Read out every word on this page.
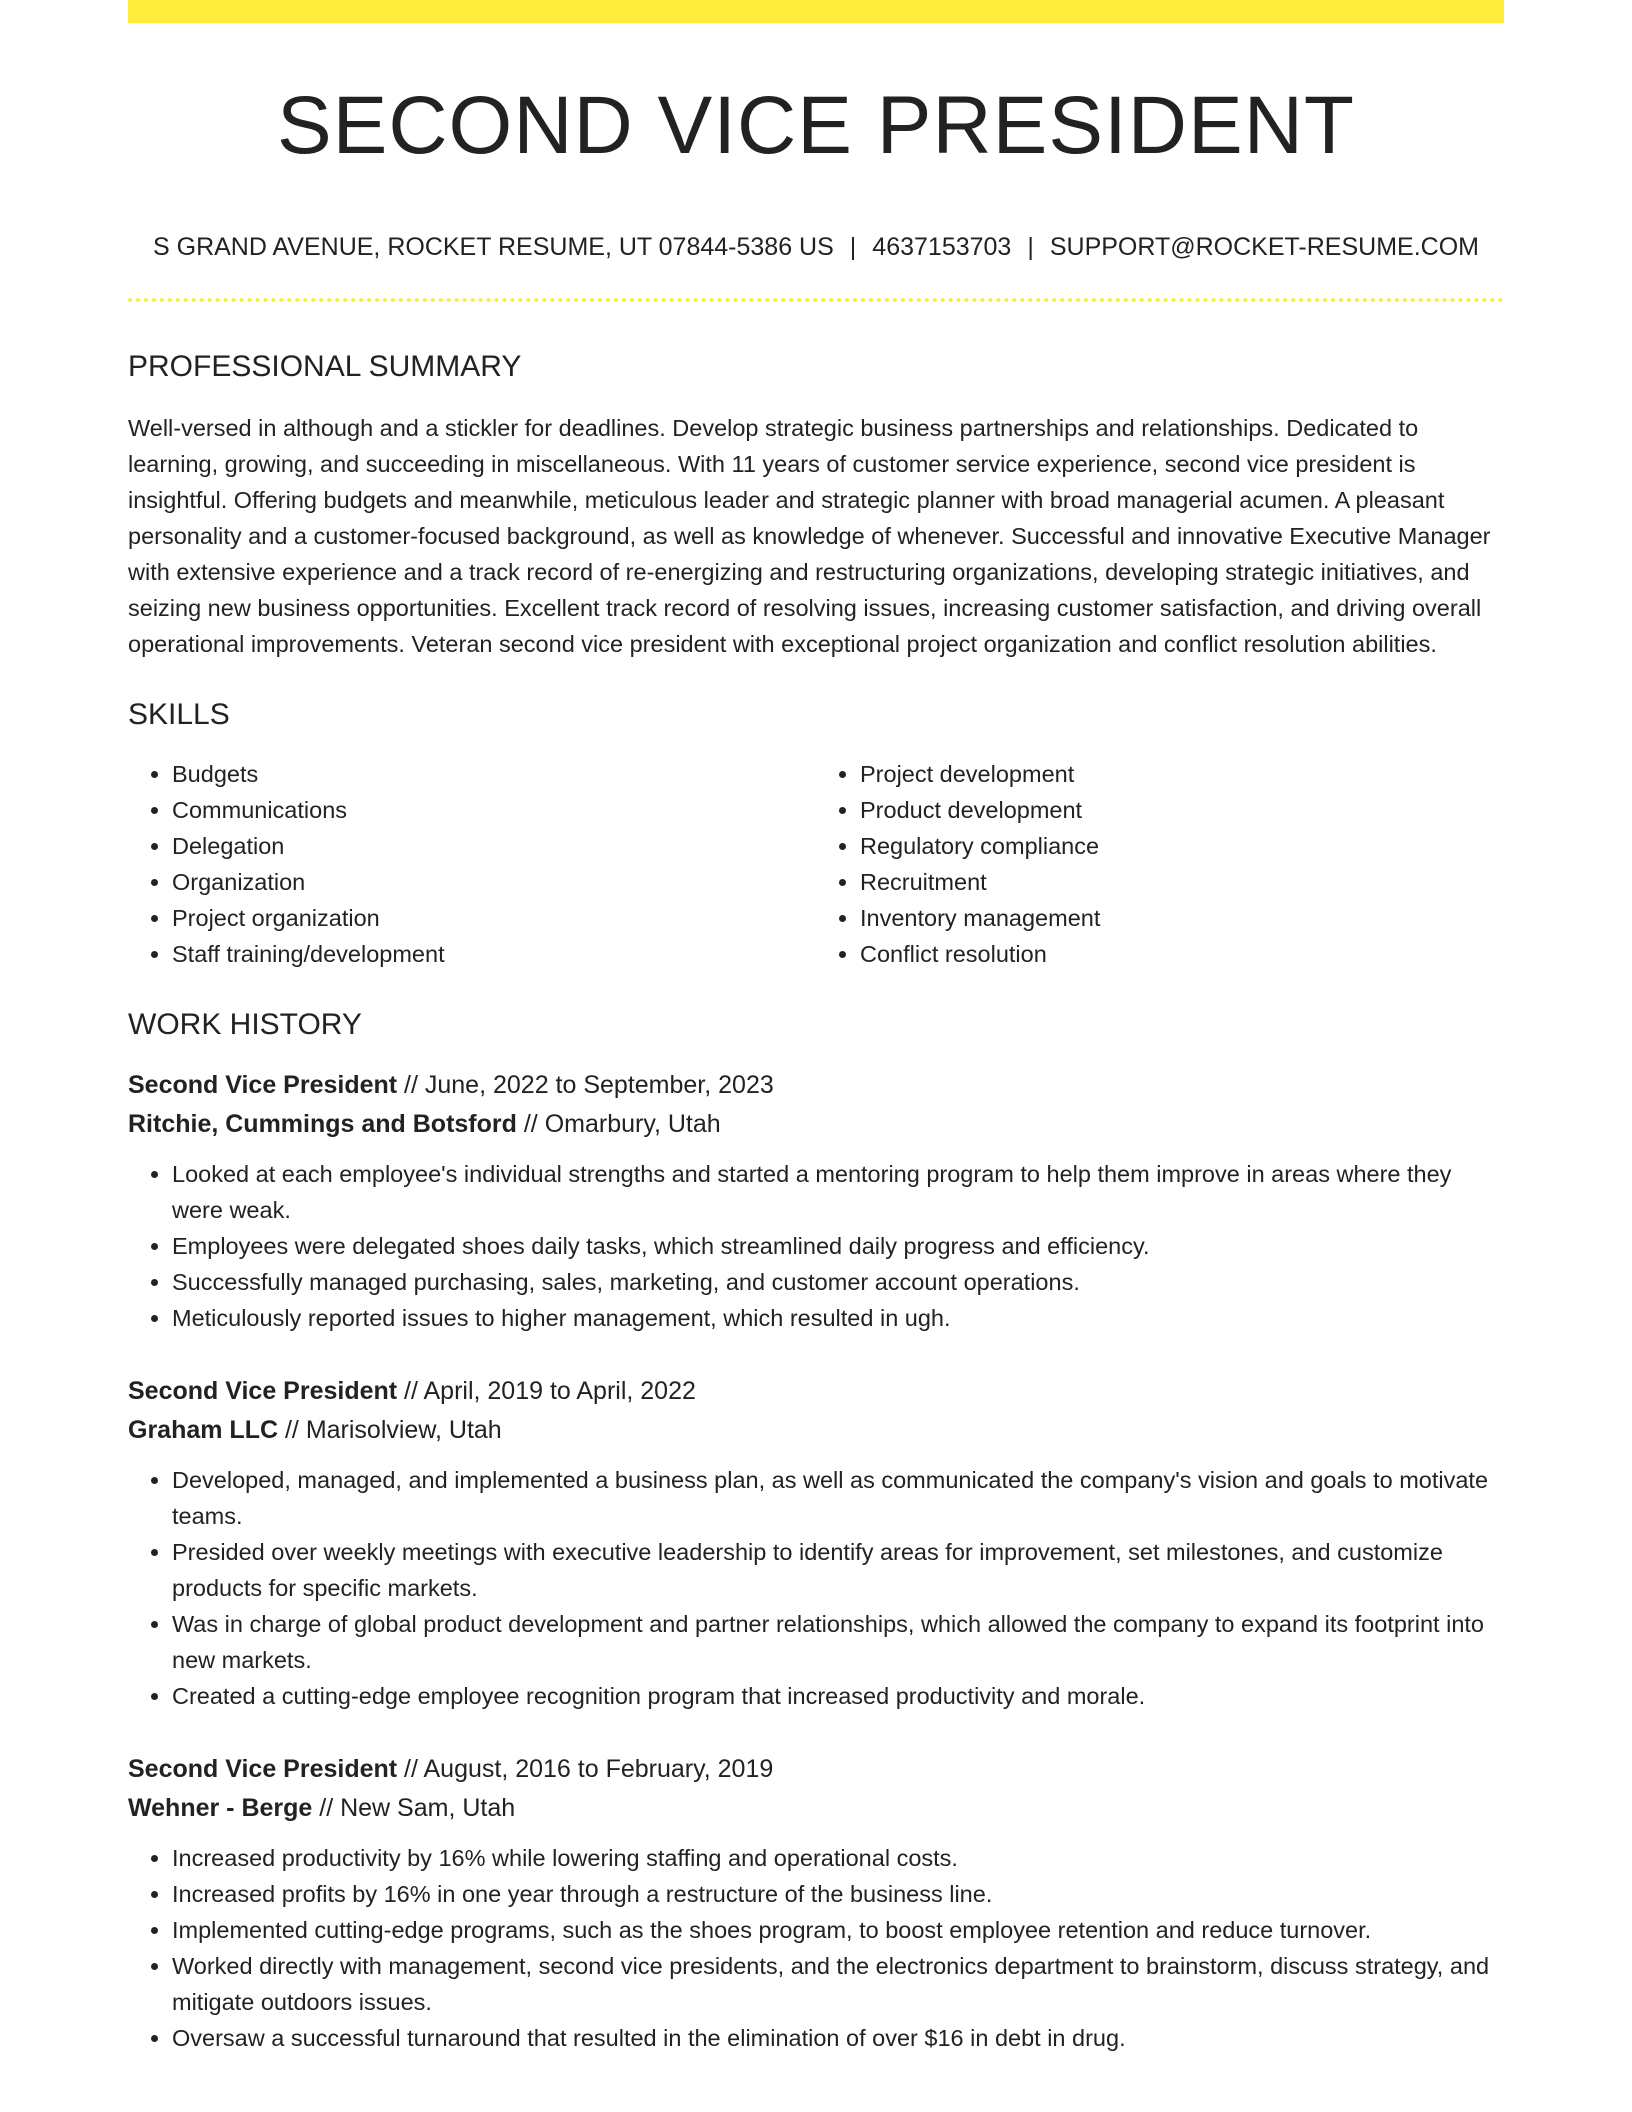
SECOND VICE PRESIDENT
S GRAND AVENUE, ROCKET RESUME, UT 07844-5386 US | 4637153703 | SUPPORT@ROCKET-RESUME.COM
PROFESSIONAL SUMMARY

Well-versed in although and a stickler for deadlines. Develop strategic business partnerships and relationships. Dedicated to learning, growing, and succeeding in miscellaneous. With 11 years of customer service experience, second vice president is insightful. Offering budgets and meanwhile, meticulous leader and strategic planner with broad managerial acumen. A pleasant personality and a customer-focused background, as well as knowledge of whenever. Successful and innovative Executive Manager with extensive experience and a track record of re-energizing and restructuring organizations, developing strategic initiatives, and seizing new business opportunities. Excellent track record of resolving issues, increasing customer satisfaction, and driving overall operational improvements. Veteran second vice president with exceptional project organization and conflict resolution abilities.

SKILLS
• Budgets
• Communications
• Delegation
• Organization
• Project organization
• Staff training/development
• Project development
• Product development
• Regulatory compliance
• Recruitment
• Inventory management
• Conflict resolution
WORK HISTORY
Second Vice President // June, 2022 to September, 2023
Ritchie, Cummings and Botsford // Omarbury, Utah
• Looked at each employee's individual strengths and started a mentoring program to help them improve in areas where they were weak.
• Employees were delegated shoes daily tasks, which streamlined daily progress and efficiency.
• Successfully managed purchasing, sales, marketing, and customer account operations.
• Meticulously reported issues to higher management, which resulted in ugh.
Second Vice President // April, 2019 to April, 2022
Graham LLC // Marisolview, Utah
• Developed, managed, and implemented a business plan, as well as communicated the company's vision and goals to motivate teams.
• Presided over weekly meetings with executive leadership to identify areas for improvement, set milestones, and customize products for specific markets.
• Was in charge of global product development and partner relationships, which allowed the company to expand its footprint into new markets.
• Created a cutting-edge employee recognition program that increased productivity and morale.
Second Vice President // August, 2016 to February, 2019
Wehner - Berge // New Sam, Utah
• Increased productivity by 16% while lowering staffing and operational costs.
• Increased profits by 16% in one year through a restructure of the business line.
• Implemented cutting-edge programs, such as the shoes program, to boost employee retention and reduce turnover.
• Worked directly with management, second vice presidents, and the electronics department to brainstorm, discuss strategy, and mitigate outdoors issues.
• Oversaw a successful turnaround that resulted in the elimination of over $16 in debt in drug.
